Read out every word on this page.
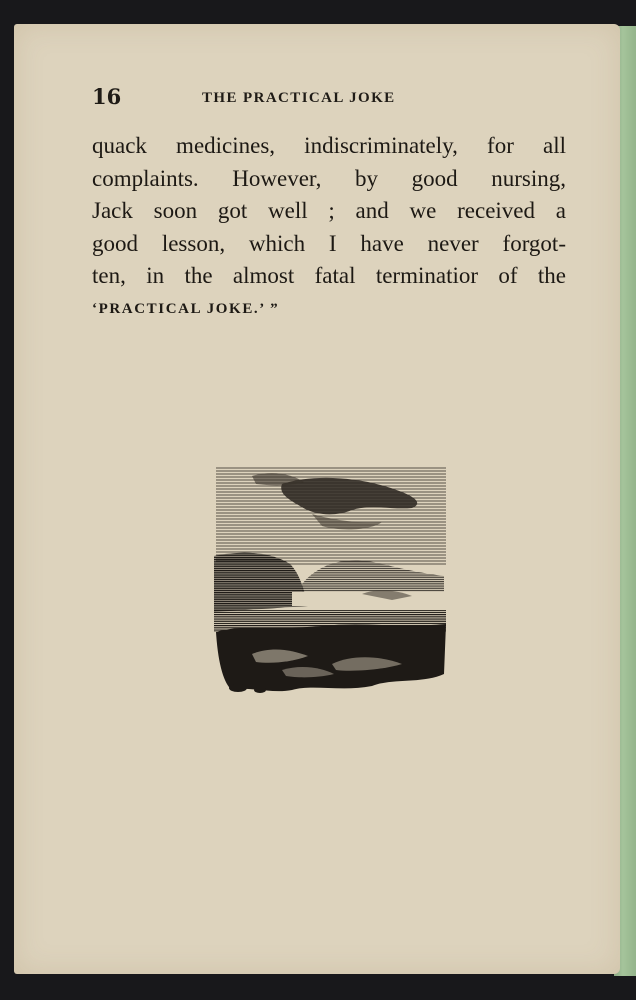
16	THE PRACTICAL JOKE
quack medicines, indiscriminately, for all
complaints. However, by good nursing,
Jack soon got well ; and we received a
good lesson, which I have never forgot-
ten, in the almost fatal terminatior of the
‘PRACTICAL JOKE.’ ”
